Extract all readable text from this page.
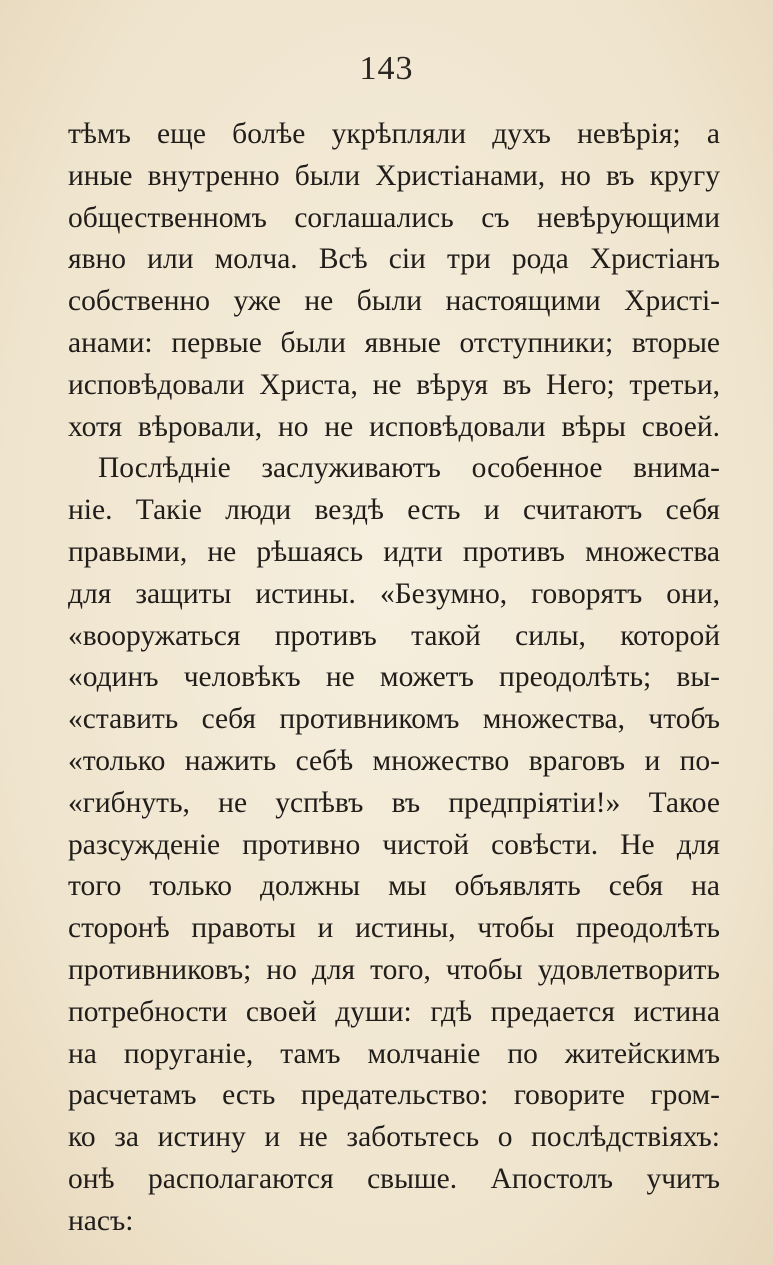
143
тѣмъ еще болѣе укрѣпляли духъ невѣрія; а
иные внутренно были Христіанами, но въ кругу
общественномъ соглашались съ невѣрующими
явно или молча. Всѣ сіи три рода Христіанъ
собственно уже не были настоящими Христі-
анами: первые были явные отступники; вторые
исповѣдовали Христа, не вѣруя въ Него; третьи,
хотя вѣровали, но не исповѣдовали вѣры своей.
Послѣдніе заслуживаютъ особенное внима-
ніе. Такіе люди вездѣ есть и считаютъ себя
правыми, не рѣшаясь идти противъ множества
для защиты истины. «Безумно, говорятъ они,
«вооружаться противъ такой силы, которой
«одинъ человѣкъ не можетъ преодолѣть; вы-
«ставить себя противникомъ множества, чтобъ
«только нажить себѣ множество враговъ и по-
«гибнуть, не успѣвъ въ предпріятіи!» Такое
разсужденіе противно чистой совѣсти. Не для
того только должны мы объявлять себя на
сторонѣ правоты и истины, чтобы преодолѣть
противниковъ; но для того, чтобы удовлетворить
потребности своей души: гдѣ предается истина
на поруганіе, тамъ молчаніе по житейскимъ
расчетамъ есть предательство: говорите гром-
ко за истину и не заботьтесь о послѣдствіяхъ:
онѣ располагаются свыше. Апостолъ учитъ
насъ:
